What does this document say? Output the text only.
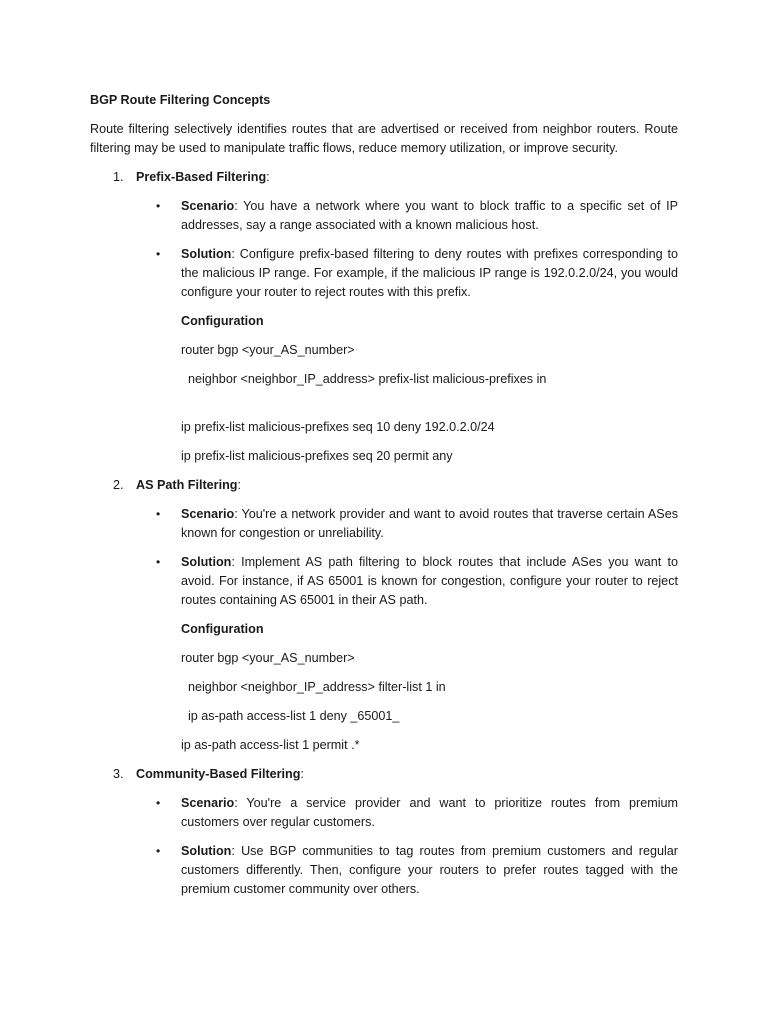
BGP Route Filtering Concepts
Route filtering selectively identifies routes that are advertised or received from neighbor routers. Route filtering may be used to manipulate traffic flows, reduce memory utilization, or improve security.
1. Prefix-Based Filtering:
• Scenario: You have a network where you want to block traffic to a specific set of IP addresses, say a range associated with a known malicious host.
• Solution: Configure prefix-based filtering to deny routes with prefixes corresponding to the malicious IP range. For example, if the malicious IP range is 192.0.2.0/24, you would configure your router to reject routes with this prefix.
Configuration
router bgp <your_AS_number>
neighbor <neighbor_IP_address> prefix-list malicious-prefixes in
ip prefix-list malicious-prefixes seq 10 deny 192.0.2.0/24
ip prefix-list malicious-prefixes seq 20 permit any
2. AS Path Filtering:
• Scenario: You're a network provider and want to avoid routes that traverse certain ASes known for congestion or unreliability.
• Solution: Implement AS path filtering to block routes that include ASes you want to avoid. For instance, if AS 65001 is known for congestion, configure your router to reject routes containing AS 65001 in their AS path.
Configuration
router bgp <your_AS_number>
neighbor <neighbor_IP_address> filter-list 1 in
ip as-path access-list 1 deny _65001_
ip as-path access-list 1 permit .*
3. Community-Based Filtering:
• Scenario: You're a service provider and want to prioritize routes from premium customers over regular customers.
• Solution: Use BGP communities to tag routes from premium customers and regular customers differently. Then, configure your routers to prefer routes tagged with the premium customer community over others.
